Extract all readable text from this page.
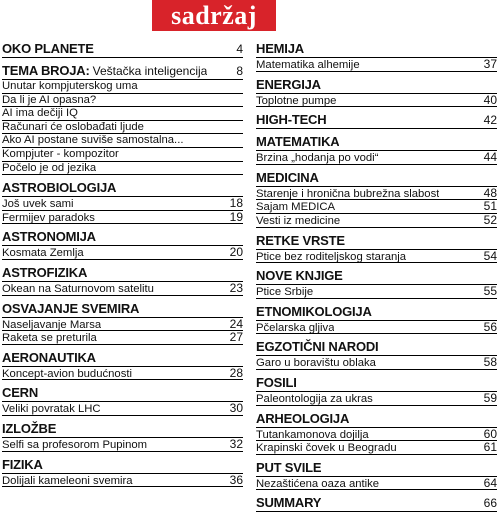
sadržaj
OKO PLANETE	4
TEMA BROJA: Veštačka inteligencija	8
Unutar kompjuterskog uma
Da li je AI opasna?
AI ima dečiji IQ
Računari će oslobađati ljude
Ako AI postane suviše samostalna...
Kompjuter - kompozitor
Počelo je od jezika
ASTROBIOLOGIJA
Još uvek sami	18
Fermijev paradoks	19
ASTRONOMIJA
Kosmata Zemlja	20
ASTROFIZIKA
Okean na Saturnovom satelitu	23
OSVAJANJE SVEMIRA
Naseljavanje Marsa	24
Raketa se preturila	27
AERONAUTIKA
Koncept-avion budućnosti	28
CERN
Veliki povratak LHC	30
IZLOŽBE
Selfi sa profesorom Pupinom	32
FIZIKA
Dolijali kameleoni svemira	36
HEMIJA
Matematika alhemije	37
ENERGIJA
Toplotne pumpe	40
HIGH-TECH	42
MATEMATIKA
Brzina „hodanja po vodi“	44
MEDICINA
Starenje i hronična bubrežna slabost	48
Sajam MEDICA	51
Vesti iz medicine	52
RETKE VRSTE
Ptice bez roditeljskog staranja	54
NOVE KNJIGE
Ptice Srbije	55
ETNOMIKOLOGIJA
Pčelarska gljiva	56
EGZOTIČNI NARODI
Garo u boravištu oblaka	58
FOSILI
Paleontologija za ukras	59
ARHEOLOGIJA
Tutankamonova dojilja	60
Krapinski čovek u Beogradu	61
PUT SVILE
Nezaštićena oaza antike	64
SUMMARY	66
